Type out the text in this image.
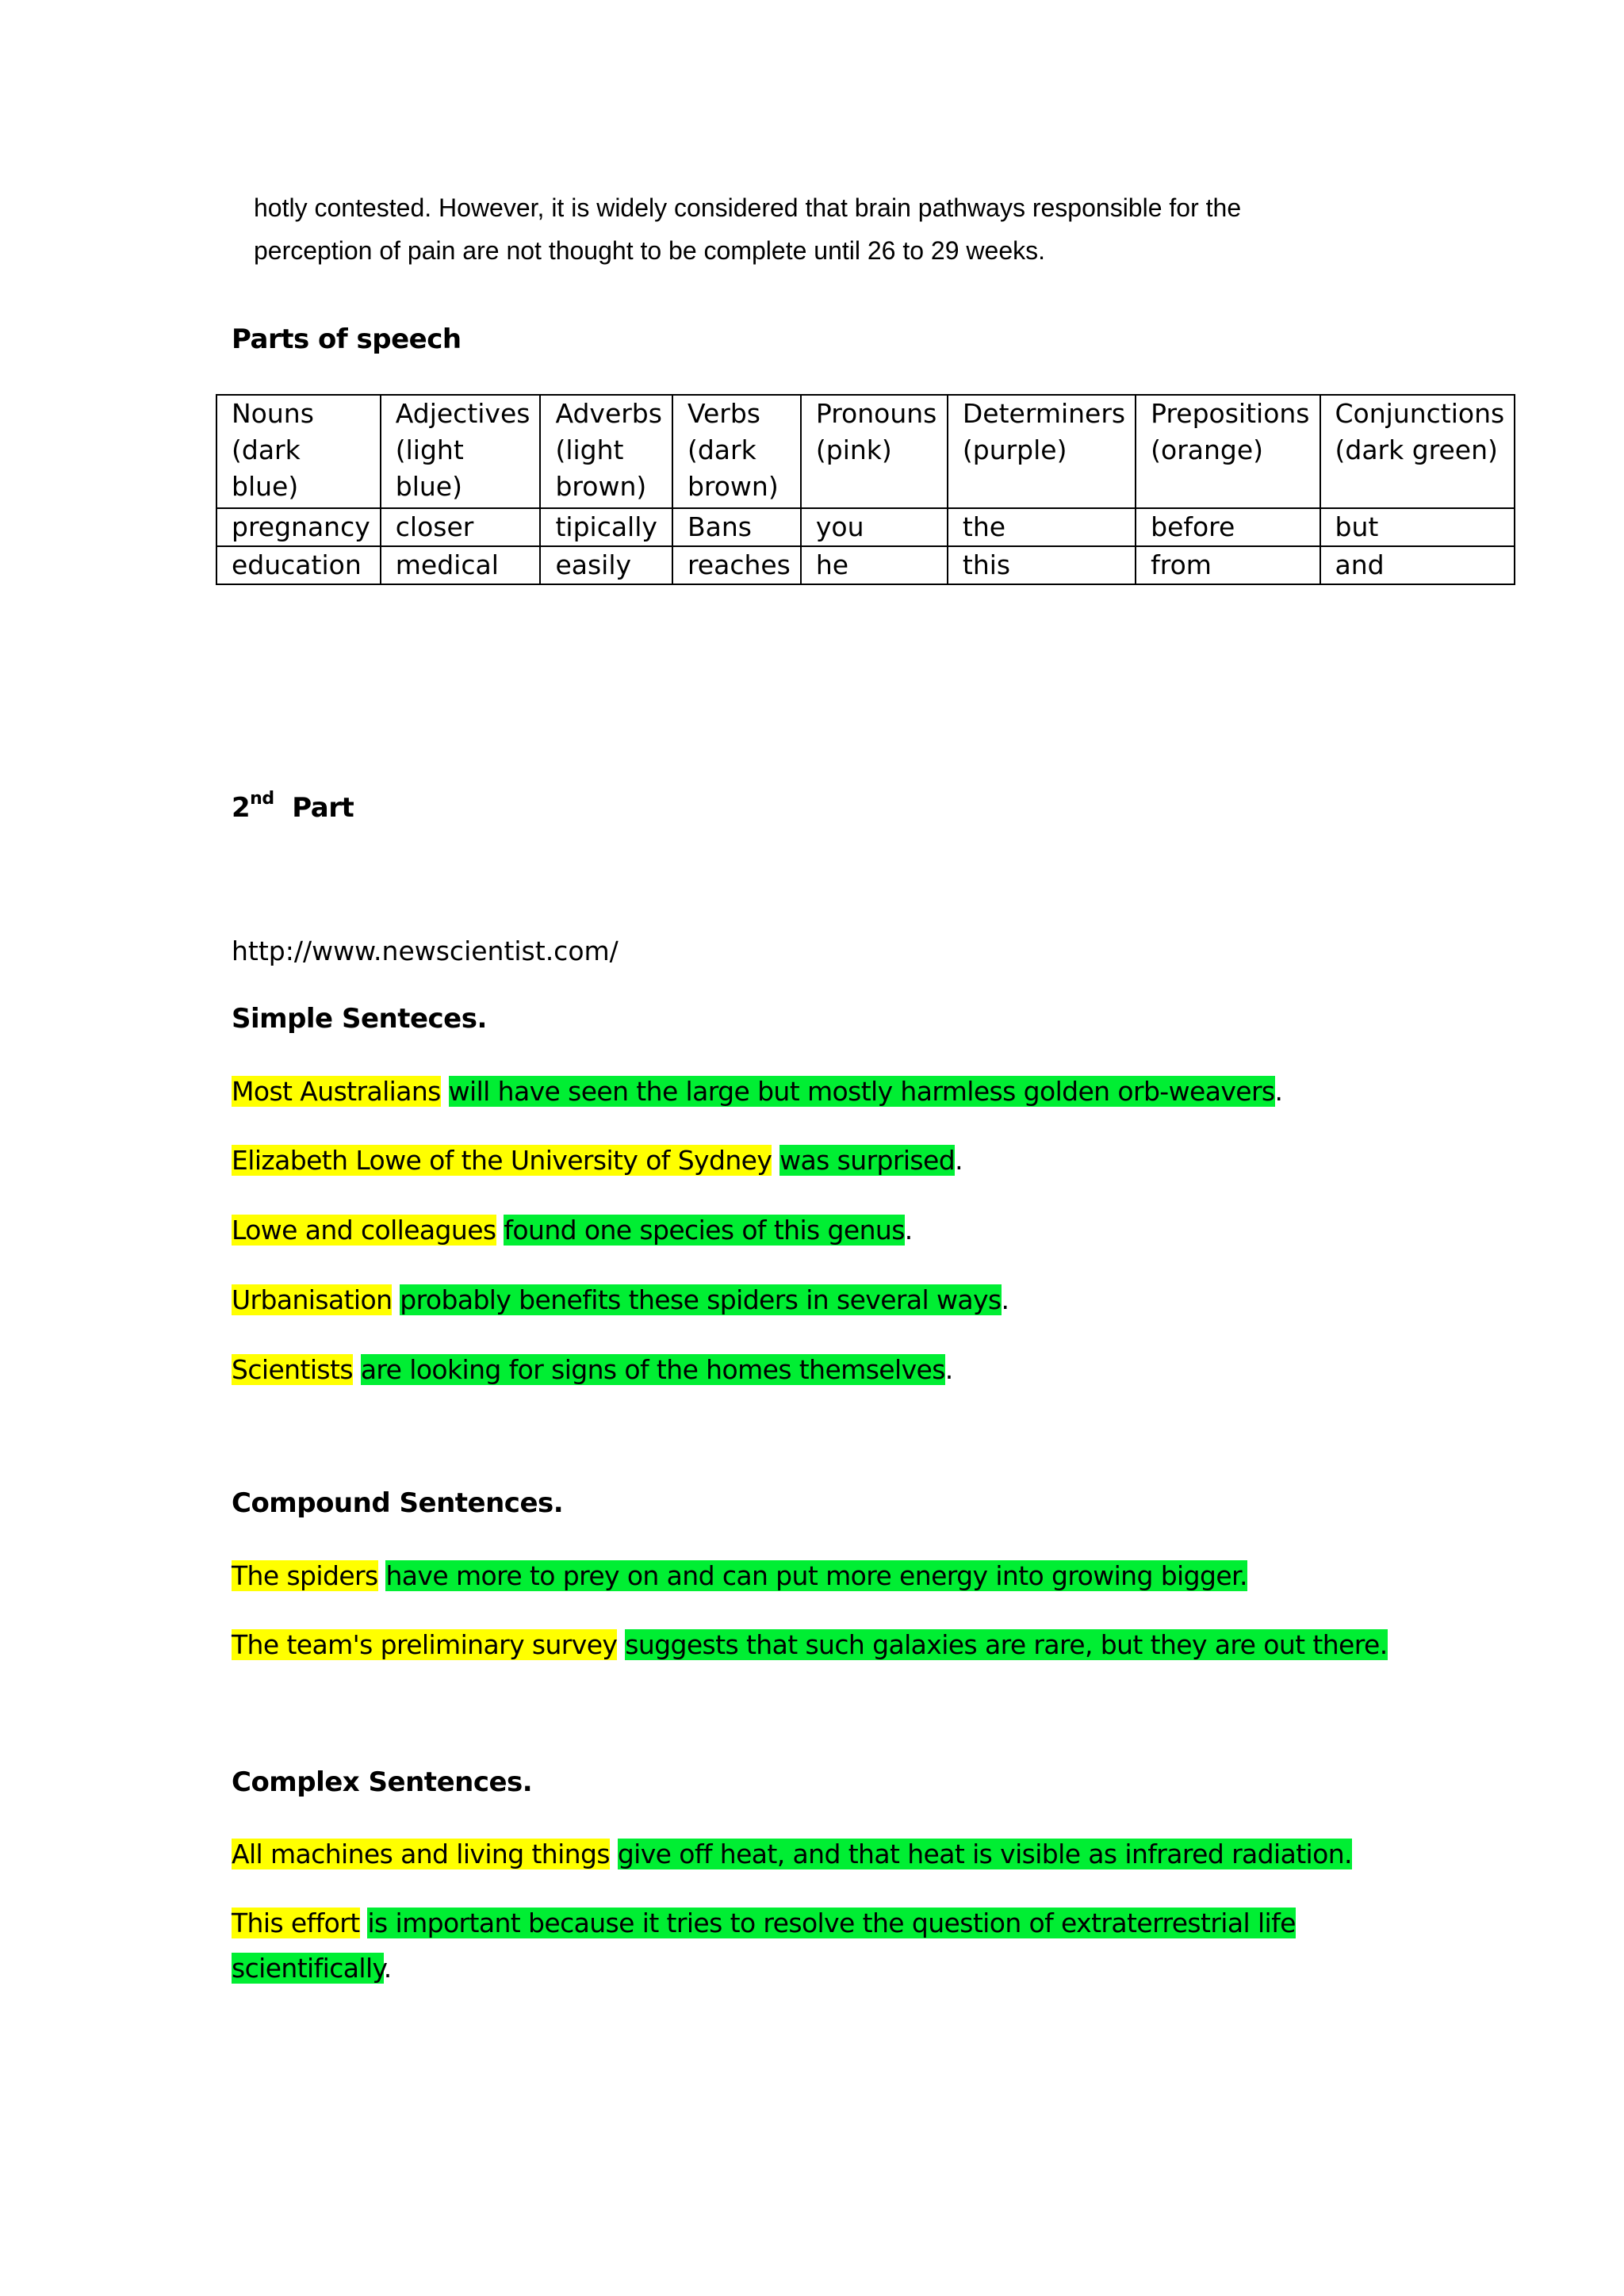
hotly contested. However, it is widely considered that brain pathways responsible for the

perception of pain are not thought to be complete until 26 to 29 weeks.

Parts of speech
Nouns (dark blue)	Adjectives (light blue)	Adverbs (light brown)	Verbs (dark brown)	Pronouns (pink)	Determiners (purple)	Prepositions (orange)	Conjunctions (dark green)
pregnancy	closer	tipically	Bans	you	the	before	but
education	medical	easily	reaches	he	this	from	and
2nd Part

http://www.newscientist.com/

Simple Senteces.

Most Australians will have seen the large but mostly harmless golden orb-weavers.

Elizabeth Lowe of the University of Sydney was surprised.

Lowe and colleagues found one species of this genus.

Urbanisation probably benefits these spiders in several ways.

Scientists are looking for signs of the homes themselves.

Compound Sentences.

The spiders have more to prey on and can put more energy into growing bigger.

The team's preliminary survey suggests that such galaxies are rare, but they are out there.

Complex Sentences.

All machines and living things give off heat, and that heat is visible as infrared radiation.

This effort is important because it tries to resolve the question of extraterrestrial life

scientifically.
